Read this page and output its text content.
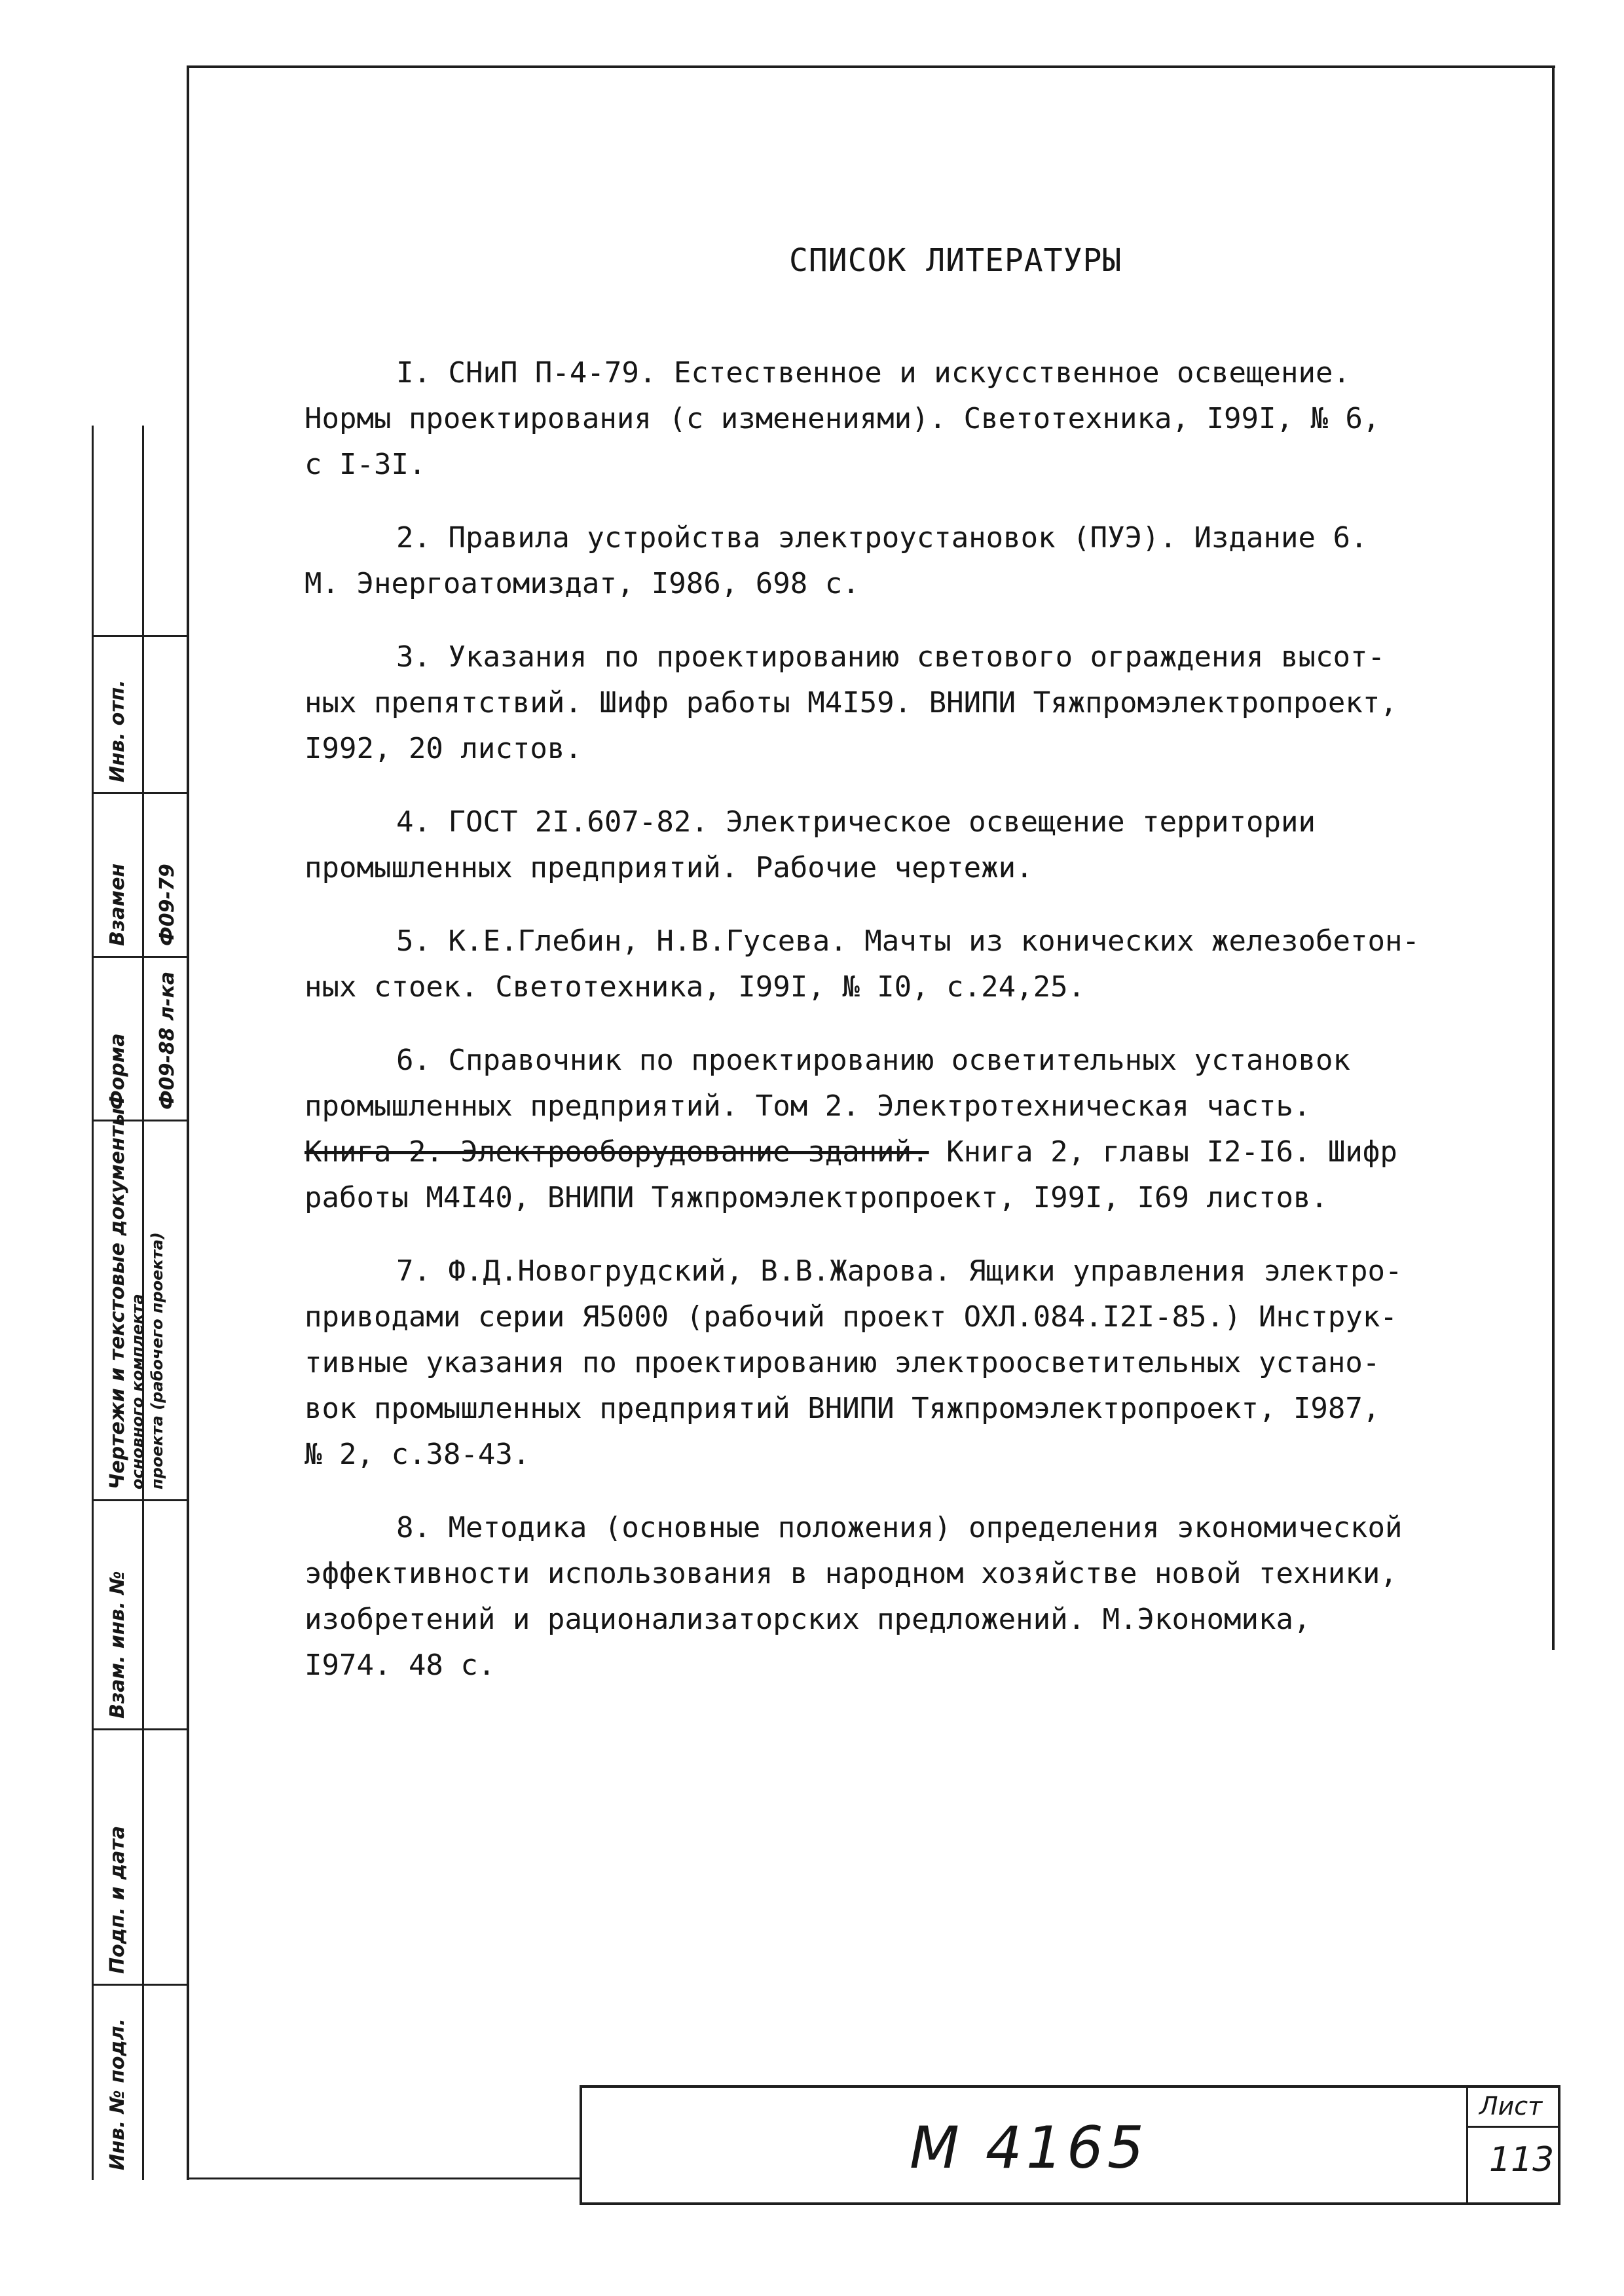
СПИСОК ЛИТЕРАТУРЫ
I. СНиП П-4-79. Естественное и искусственное освещение.
Нормы проектирования (с изменениями). Светотехника, I99I, № 6,
с I-3I.
2. Правила устройства электроустановок (ПУЭ). Издание 6.
М. Энергоатомиздат, I986, 698 с.
3. Указания по проектированию светового ограждения высот-
ных препятствий. Шифр работы М4I59. ВНИПИ Тяжпромэлектропроект,
I992, 20 листов.
4. ГОСТ 2I.607-82. Электрическое освещение территории
промышленных предприятий. Рабочие чертежи.
5. К.Е.Глебин, Н.В.Гусева. Мачты из конических железобетон-
ных стоек. Светотехника, I99I, № I0, с.24,25.
6. Справочник по проектированию осветительных установок
промышленных предприятий. Том 2. Электротехническая часть.
Книга 2. Электрооборудование зданий. Книга 2, главы I2-I6. Шифр
работы М4I40, ВНИПИ Тяжпромэлектропроект, I99I, I69 листов.
7. Ф.Д.Новогрудский, В.В.Жарова. Ящики управления электро-
приводами серии Я5000 (рабочий проект ОХЛ.084.I2I-85.) Инструк-
тивные указания по проектированию электроосветительных устано-
вок промышленных предприятий ВНИПИ Тяжпромэлектропроект, I987,
№ 2, с.38-43.
8. Методика (основные положения) определения экономической
эффективности использования в народном хозяйстве новой техники,
изобретений и рационализаторских предложений. М.Экономика,
I974. 48 с.
Инв. № подл.
Подп. и дата
Взам. инв. №
Чертежи и текстовые документы основного комплекта проекта (рабочего проекта)
Форма Ф09-88 л-ка
Взамен Ф09-79
Инв. отп.
М 4165
Лист
113
